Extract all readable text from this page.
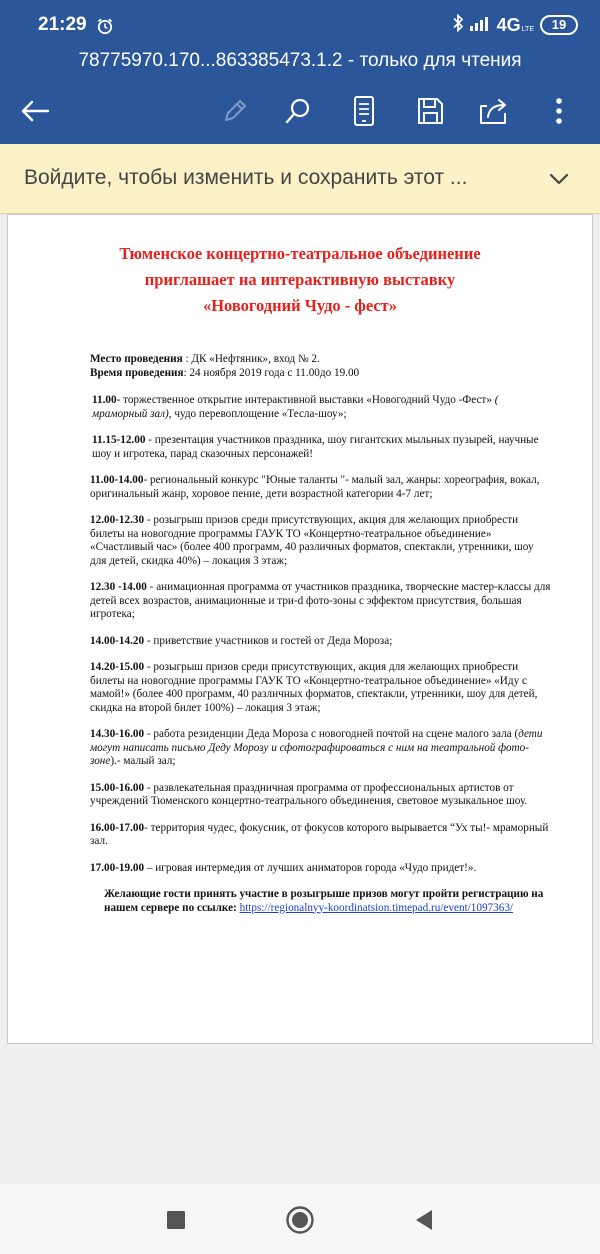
21:29	4G LTE	19
78775970.170...863385473.1.2 - только для чтения
Войдите, чтобы изменить и сохранить этот ...
Тюменское концертно-театральное объединение
приглашает на интерактивную выставку
«Новогодний Чудо - фест»

Место проведения : ДК «Нефтяник», вход № 2.

Время проведения: 24 ноября 2019 года с 11.00до 19.00

11.00- торжественное открытие интерактивной выставки «Новогодний Чудо -Фест» ( мраморный зал), чудо перевоплощение «Тесла-шоу»;

11.15-12.00 - презентация участников праздника, шоу гигантских мыльных пузырей, научные шоу и игротека, парад сказочных персонажей!

11.00-14.00- региональный конкурс "Юные таланты "- малый зал, жанры: хореография, вокал, оригинальный жанр, хоровое пение, дети возрастной категории 4-7 лет;

12.00-12.30 - розыгрыш призов среди присутствующих, акция для желающих приобрести билеты на новогодние программы ГАУК ТО «Концертно-театральное объединение» «Счастливый час» (более 400 программ, 40 различных форматов, спектакли, утренники, шоу для детей, скидка 40%) – локация 3 этаж;

12.30 -14.00 - анимационная программа от участников праздника, творческие мастер-классы для детей всех возрастов, анимационные и три-d фото-зоны с эффектом присутствия, большая игротека;

14.00-14.20 - приветствие участников и гостей от Деда Мороза;

14.20-15.00 - розыгрыш призов среди присутствующих, акция для желающих приобрести билеты на новогодние программы ГАУК ТО «Концертно-театральное объединение» «Иду с мамой!» (более 400 программ, 40 различных форматов, спектакли, утренники, шоу для детей, скидка на второй билет 100%) – локация 3 этаж;

14.30-16.00 - работа резиденции Деда Мороза с новогодней почтой на сцене малого зала (дети могут написать письмо Деду Морозу и сфотографироваться с ним на театральной фото- зоне).- малый зал;

15.00-16.00 - развлекательная праздничная программа от профессиональных артистов от учреждений Тюменского концертно-театрального объединения, световое музыкальное шоу.

16.00-17.00- территория чудес, фокусник, от фокусов которого вырывается “Ух ты!- мраморный зал.

17.00-19.00 – игровая интермедия от лучших аниматоров города «Чудо придет!».

Желающие гости принять участие в розыгрыше призов могут пройти регистрацию на нашем сервере по ссылке: https://regionalnyy-koordinatsion.timepad.ru/event/1097363/
